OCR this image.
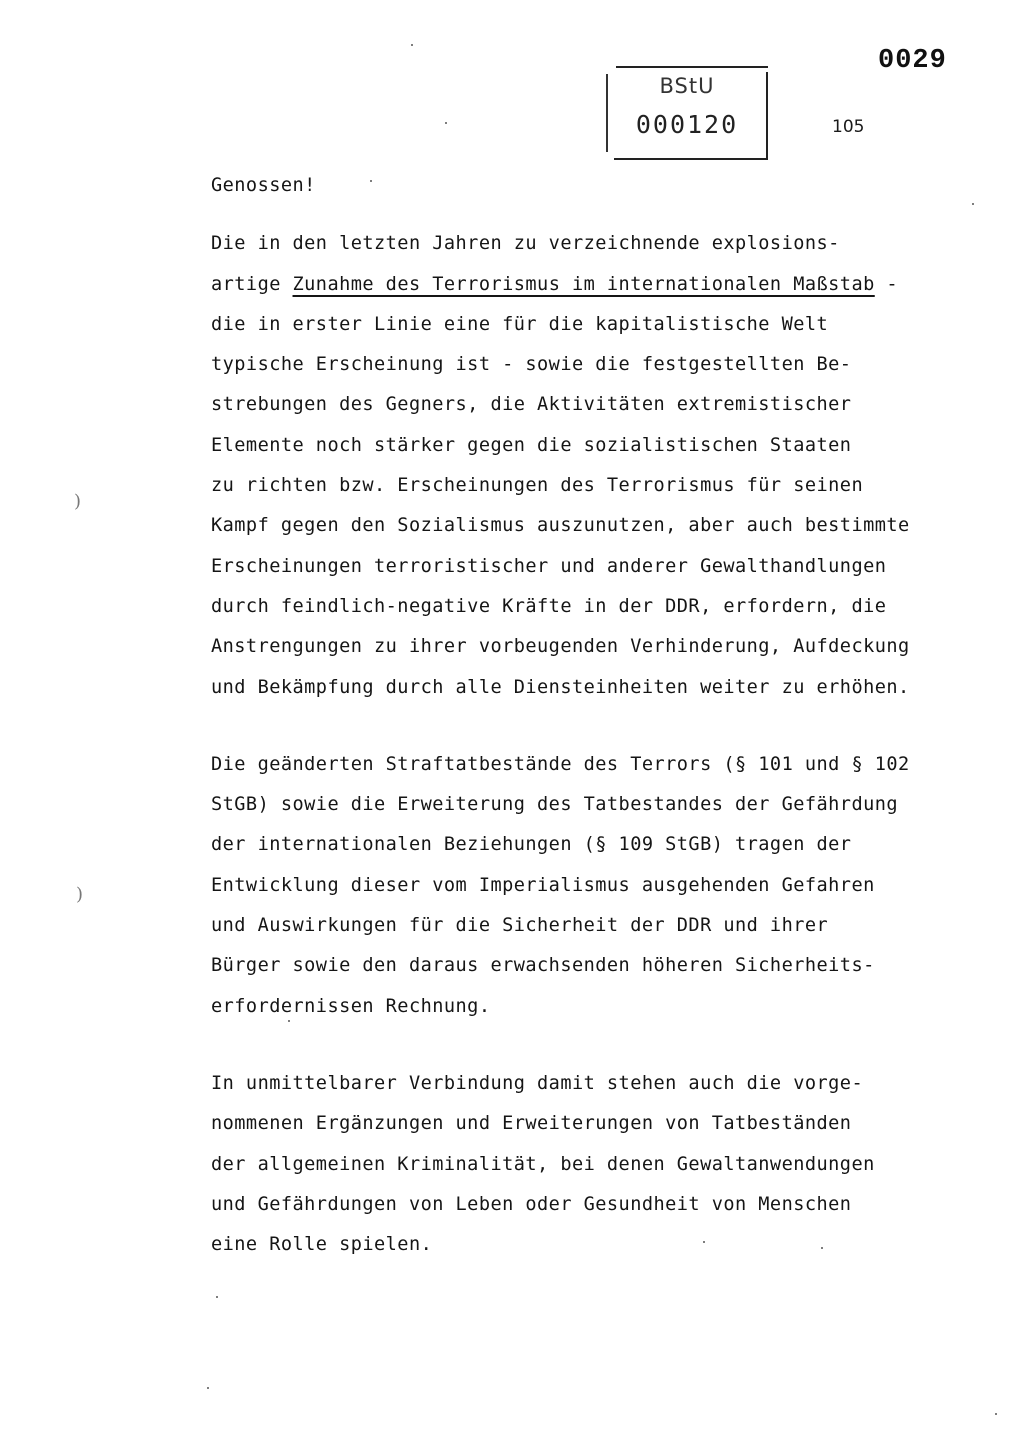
0029
BStU
000120	105
Genossen!
Die in den letzten Jahren zu verzeichnende explosions-
artige Zunahme des Terrorismus im internationalen Maßstab -
die in erster Linie eine für die kapitalistische Welt
typische Erscheinung ist - sowie die festgestellten Be-
strebungen des Gegners, die Aktivitäten extremistischer
Elemente noch stärker gegen die sozialistischen Staaten
zu richten bzw. Erscheinungen des Terrorismus für seinen
Kampf gegen den Sozialismus auszunutzen, aber auch bestimmte
Erscheinungen terroristischer und anderer Gewalthandlungen
durch feindlich-negative Kräfte in der DDR, erfordern, die
Anstrengungen zu ihrer vorbeugenden Verhinderung, Aufdeckung
und Bekämpfung durch alle Diensteinheiten weiter zu erhöhen.
Die geänderten Straftatbestände des Terrors (§ 101 und § 102
StGB) sowie die Erweiterung des Tatbestandes der Gefährdung
der internationalen Beziehungen (§ 109 StGB) tragen der
Entwicklung dieser vom Imperialismus ausgehenden Gefahren
und Auswirkungen für die Sicherheit der DDR und ihrer
Bürger sowie den daraus erwachsenden höheren Sicherheits-
erfordernissen Rechnung.
In unmittelbarer Verbindung damit stehen auch die vorge-
nommenen Ergänzungen und Erweiterungen von Tatbeständen
der allgemeinen Kriminalität, bei denen Gewaltanwendungen
und Gefährdungen von Leben oder Gesundheit von Menschen
eine Rolle spielen.
)
)
